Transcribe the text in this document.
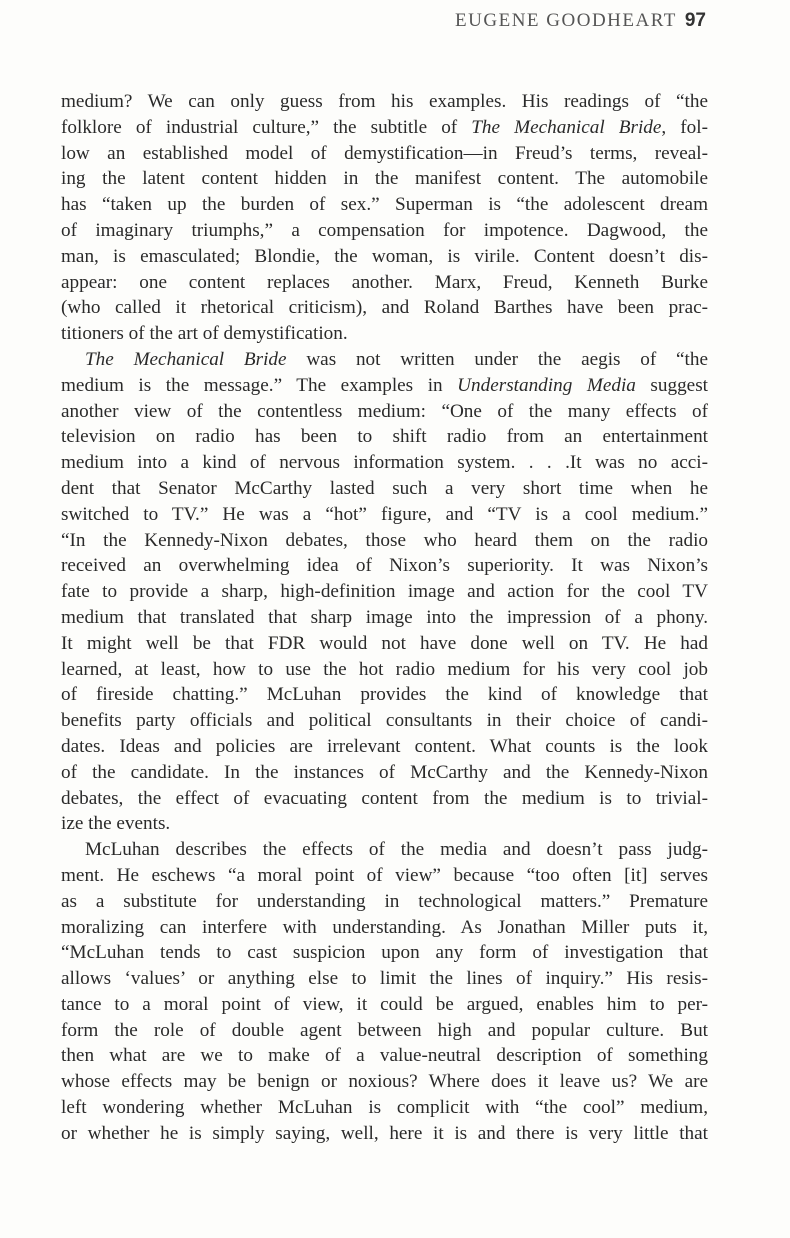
EUGENE GOODHEART 97
medium? We can only guess from his examples. His readings of “the
folklore of industrial culture,” the subtitle of The Mechanical Bride, fol-
low an established model of demystification—in Freud’s terms, reveal-
ing the latent content hidden in the manifest content. The automobile
has “taken up the burden of sex.” Superman is “the adolescent dream
of imaginary triumphs,” a compensation for impotence. Dagwood, the
man, is emasculated; Blondie, the woman, is virile. Content doesn’t dis-
appear: one content replaces another. Marx, Freud, Kenneth Burke
(who called it rhetorical criticism), and Roland Barthes have been prac-
titioners of the art of demystification.
The Mechanical Bride was not written under the aegis of “the
medium is the message.” The examples in Understanding Media suggest
another view of the contentless medium: “One of the many effects of
television on radio has been to shift radio from an entertainment
medium into a kind of nervous information system. . . .It was no acci-
dent that Senator McCarthy lasted such a very short time when he
switched to TV.” He was a “hot” figure, and “TV is a cool medium.”
“In the Kennedy-Nixon debates, those who heard them on the radio
received an overwhelming idea of Nixon’s superiority. It was Nixon’s
fate to provide a sharp, high-definition image and action for the cool TV
medium that translated that sharp image into the impression of a phony.
It might well be that FDR would not have done well on TV. He had
learned, at least, how to use the hot radio medium for his very cool job
of fireside chatting.” McLuhan provides the kind of knowledge that
benefits party officials and political consultants in their choice of candi-
dates. Ideas and policies are irrelevant content. What counts is the look
of the candidate. In the instances of McCarthy and the Kennedy-Nixon
debates, the effect of evacuating content from the medium is to trivial-
ize the events.
McLuhan describes the effects of the media and doesn’t pass judg-
ment. He eschews “a moral point of view” because “too often [it] serves
as a substitute for understanding in technological matters.” Premature
moralizing can interfere with understanding. As Jonathan Miller puts it,
“McLuhan tends to cast suspicion upon any form of investigation that
allows ‘values’ or anything else to limit the lines of inquiry.” His resis-
tance to a moral point of view, it could be argued, enables him to per-
form the role of double agent between high and popular culture. But
then what are we to make of a value-neutral description of something
whose effects may be benign or noxious? Where does it leave us? We are
left wondering whether McLuhan is complicit with “the cool” medium,
or whether he is simply saying, well, here it is and there is very little that
